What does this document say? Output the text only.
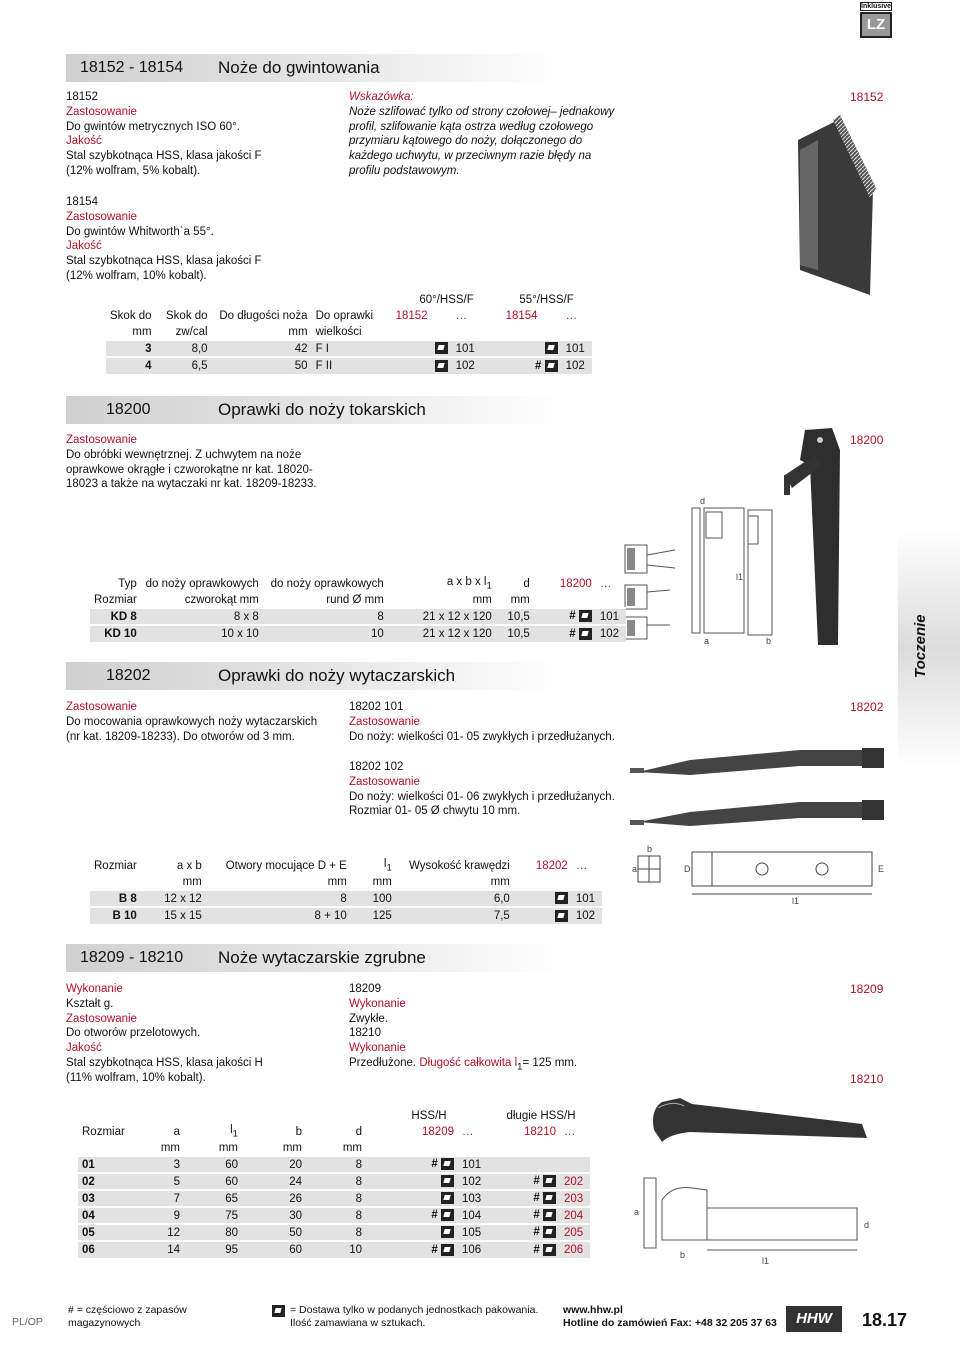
Inklusive
LZ
18152 - 18154 Noże do gwintowania
18152
Zastosowanie
Do gwintów metrycznych ISO 60°.
Jakość
Stal szybkotnąca HSS, klasa jakości F
(12% wolfram, 5% kobalt).
Wskazówka:
Noże szlifować tylko od strony czołowej– jednakowy
profil, szlifowanie kąta ostrza według czołowego
przymiaru kątowego do noży, dołączonego do
każdego uchwytu, w przeciwnym razie błędy na
profilu podstawowym.
18152
18154
Zastosowanie
Do gwintów Whitworth`a 55°.
Jakość
Stal szybkotnąca HSS, klasa jakości F
(12% wolfram, 10% kobalt).
				60°/HSS/F		55°/HSS/F	
Skok do	Skok do	Do długości noża	Do oprawki	18152	…	18154	…
mm	zw/cal	mm	wielkości				
3	8,0	42	F I		101		101
4	6,5	50	F II		102	#	102
18200	Oprawki do noży tokarskich
18200
Zastosowanie
Do obróbki wewnętrznej. Z uchwytem na noże
oprawkowe okrągłe i czworokątne nr kat. 18020-
18023 a także na wytaczaki nr kat. 18209-18233.
d
l1
a	b
Typ	do noży oprawkowych	do noży oprawkowych	a x b x $l_1$	d	18200	…
Rozmiar	czworokąt mm	rund Ø mm	mm	mm		
KD 8	8 x 8	8	21 x 12 x 120	10,5	#	101
KD 10	10 x 10	10	21 x 12 x 120	10,5	#	102	Toczenie
18202	Oprawki do noży wytaczarskich
18202
Zastosowanie
Do mocowania oprawkowych noży wytaczarskich
(nr kat. 18209-18233). Do otworów od 3 mm.
18202 101
Zastosowanie
Do noży: wielkości 01- 05 zwykłych i przedłużanych.
18202 102
Zastosowanie
Do noży: wielkości 01- 06 zwykłych i przedłużanych.
Rozmiar 01- 05 Ø chwytu 10 mm.
Rozmiar	a x b	Otwory mocujące D + E	$l_1$	Wysokość krawędzi	18202	…
	mm	mm	mm	mm		
B 8	12 x 12	8	100	6,0		101
B 10	15 x 15	8 + 10	125	7,5		102
a
b
D
l1
E
18209 - 18210 Noże wytaczarskie zgrubne
18209
18210
Wykonanie
Kształt g.
Zastosowanie
Do otworów przelotowych.
Jakość
Stal szybkotnąca HSS, klasa jakości H
(11% wolfram, 10% kobalt).
18209
Wykonanie
Zwykłe.
18210
Wykonanie
Przedłużone. Długość całkowita $l_1= 125$ mm.
					HSS/H		długie HSS/H	
Rozmiar	a	$l_1$	b	d	18209	…	18210	…
	mm	mm	mm	mm				
01	3	60	20	8	#	101		
02	5	60	24	8		102	#	202
03	7	65	26	8		103	#	203
04	9	75	30	8	#	104	#	204
05	12	80	50	8		105	#	205
06	14	95	60	10	#	106	#	206
a
b
d
l1
PL/OP
# = częściowo z zapasów
magazynowych
= Dostawa tylko w podanych jednostkach pakowania.
Ilość zamawiana w sztukach.
www.hhw.pl
Hotline do zamówień Fax: +48 32 205 37 63	HHW	18.17
